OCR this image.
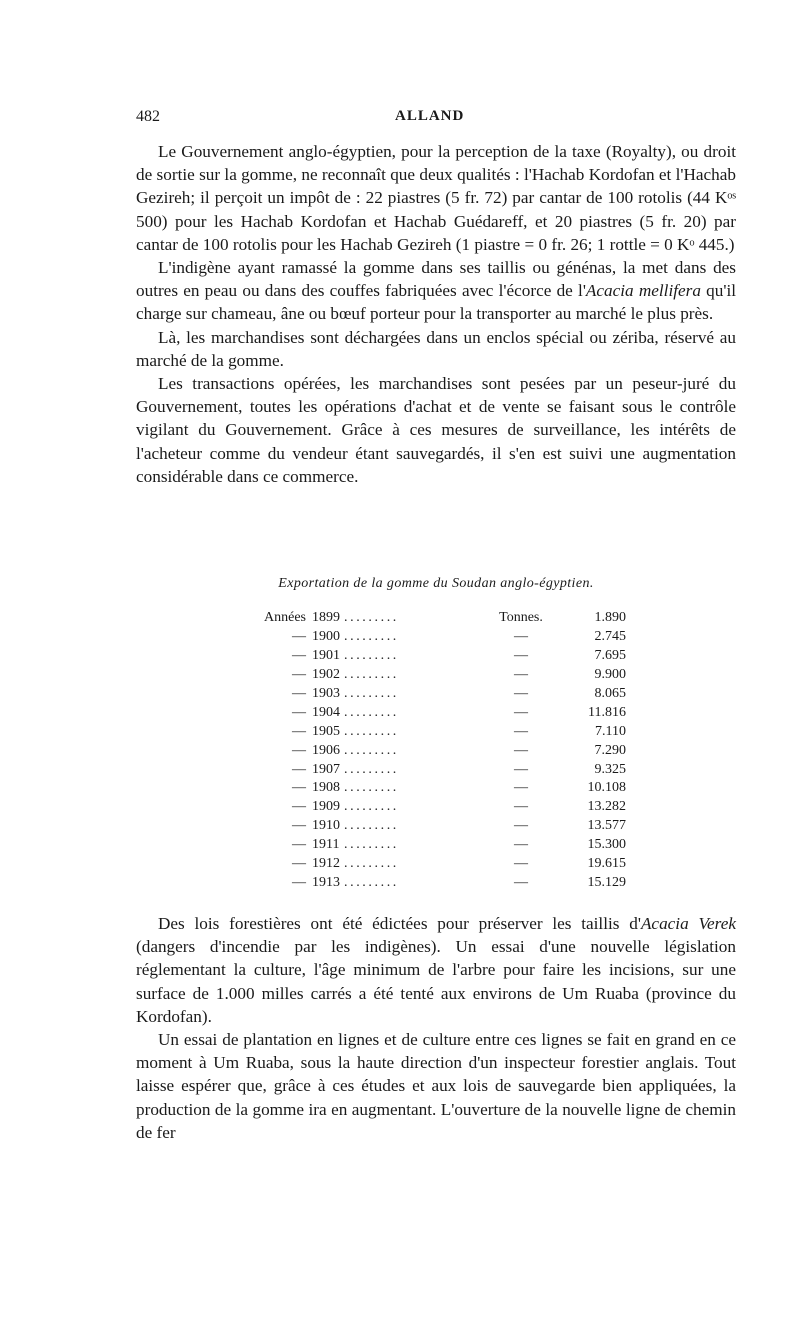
482	ALLAND

Le Gouvernement anglo-égyptien, pour la perception de la taxe (Royalty), ou droit de sortie sur la gomme, ne reconnaît que deux qualités : l'Hachab Kordofan et l'Hachab Gezireh; il perçoit un impôt de : 22 piastres (5 fr. 72) par cantar de 100 rotolis (44 Kᵒˢ 500) pour les Hachab Kordofan et Hachab Guédareff, et 20 piastres (5 fr. 20) par cantar de 100 rotolis pour les Hachab Gezireh (1 piastre = 0 fr. 26; 1 rottle = 0 Kᵒ 445.)

L'indigène ayant ramassé la gomme dans ses taillis ou génénas, la met dans des outres en peau ou dans des couffes fabriquées avec l'écorce de l'Acacia mellifera qu'il charge sur chameau, âne ou bœuf porteur pour la transporter au marché le plus près.

Là, les marchandises sont déchargées dans un enclos spécial ou zériba, réservé au marché de la gomme.

Les transactions opérées, les marchandises sont pesées par un peseur-juré du Gouvernement, toutes les opérations d'achat et de vente se faisant sous le contrôle vigilant du Gouvernement. Grâce à ces mesures de surveillance, les intérêts de l'acheteur comme du vendeur étant sauvegardés, il s'en est suivi une augmentation considérable dans ce commerce.

Exportation de la gomme du Soudan anglo-égyptien.
Années 1899 .........	Tonnes.	1.890
— 1900 .........	—	2.745
— 1901 .........	—	7.695
— 1902 .........	—	9.900
— 1903 .........	—	8.065
— 1904 .........	—	11.816
— 1905 .........	—	7.110
— 1906 .........	—	7.290
— 1907 .........	—	9.325
— 1908 .........	—	10.108
— 1909 .........	—	13.282
— 1910 .........	—	13.577
— 1911 .........	—	15.300
— 1912 .........	—	19.615
— 1913 .........	—	15.129

Des lois forestières ont été édictées pour préserver les taillis d'Acacia Verek (dangers d'incendie par les indigènes). Un essai d'une nouvelle législation réglementant la culture, l'âge minimum de l'arbre pour faire les incisions, sur une surface de 1.000 milles carrés a été tenté aux environs de Um Ruaba (province du Kordofan).

Un essai de plantation en lignes et de culture entre ces lignes se fait en grand en ce moment à Um Ruaba, sous la haute direction d'un inspecteur forestier anglais. Tout laisse espérer que, grâce à ces études et aux lois de sauvegarde bien appliquées, la production de la gomme ira en augmentant. L'ouverture de la nouvelle ligne de chemin de fer
